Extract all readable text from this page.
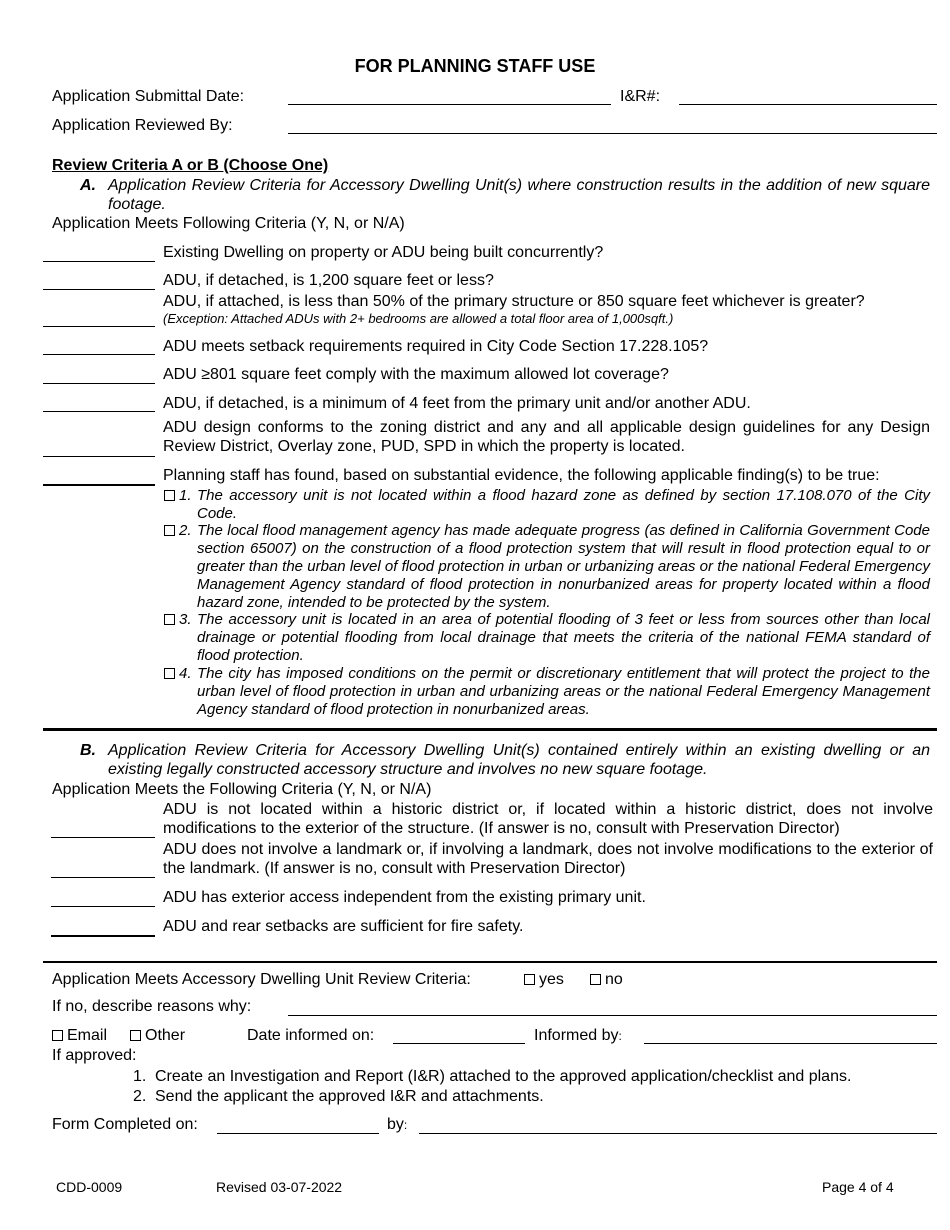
FOR PLANNING STAFF USE
Application Submittal Date:	I&R#:
Application Reviewed By:
Review Criteria A or B (Choose One)
A. Application Review Criteria for Accessory Dwelling Unit(s) where construction results in the addition of new square footage.
Application Meets Following Criteria (Y, N, or N/A)
Existing Dwelling on property or ADU being built concurrently?
ADU, if detached, is 1,200 square feet or less?
ADU, if attached, is less than 50% of the primary structure or 850 square feet whichever is greater?
(Exception: Attached ADUs with 2+ bedrooms are allowed a total floor area of 1,000sqft.)
ADU meets setback requirements required in City Code Section 17.228.105?
ADU ≥801 square feet comply with the maximum allowed lot coverage?
ADU, if detached, is a minimum of 4 feet from the primary unit and/or another ADU.
ADU design conforms to the zoning district and any and all applicable design guidelines for any Design Review District, Overlay zone, PUD, SPD in which the property is located.
Planning staff has found, based on substantial evidence, the following applicable finding(s) to be true:
1. The accessory unit is not located within a flood hazard zone as defined by section 17.108.070 of the City Code.
2. The local flood management agency has made adequate progress (as defined in California Government Code section 65007) on the construction of a flood protection system that will result in flood protection equal to or greater than the urban level of flood protection in urban or urbanizing areas or the national Federal Emergency Management Agency standard of flood protection in nonurbanized areas for property located within a flood hazard zone, intended to be protected by the system.
3. The accessory unit is located in an area of potential flooding of 3 feet or less from sources other than local drainage or potential flooding from local drainage that meets the criteria of the national FEMA standard of flood protection.
4. The city has imposed conditions on the permit or discretionary entitlement that will protect the project to the urban level of flood protection in urban and urbanizing areas or the national Federal Emergency Management Agency standard of flood protection in nonurbanized areas.
B. Application Review Criteria for Accessory Dwelling Unit(s) contained entirely within an existing dwelling or an existing legally constructed accessory structure and involves no new square footage.
Application Meets the Following Criteria (Y, N, or N/A)
ADU is not located within a historic district or, if located within a historic district, does not involve modifications to the exterior of the structure. (If answer is no, consult with Preservation Director)
ADU does not involve a landmark or, if involving a landmark, does not involve modifications to the exterior of the landmark. (If answer is no, consult with Preservation Director)
ADU has exterior access independent from the existing primary unit.
ADU and rear setbacks are sufficient for fire safety.
Application Meets Accessory Dwelling Unit Review Criteria:	yes	no
If no, describe reasons why:
Email	Other	Date informed on:	Informed by:
If approved:
1. Create an Investigation and Report (I&R) attached to the approved application/checklist and plans.
2. Send the applicant the approved I&R and attachments.
Form Completed on:	by:
CDD-0009	Revised 03-07-2022	Page 4 of 4
